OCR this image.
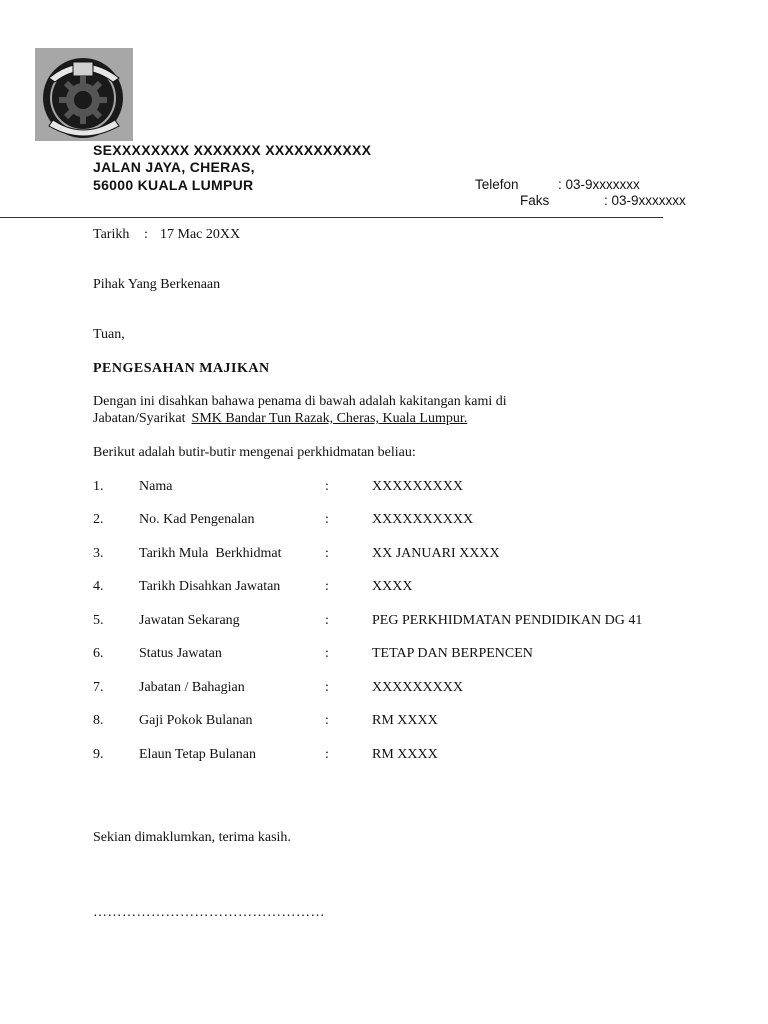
SEXXXXXXXX XXXXXXX XXXXXXXXXXX
JALAN JAYA, CHERAS,
56000 KUALA LUMPUR	Telefon	: 03-9xxxxxxx
Faks	: 03-9xxxxxxx
Tarikh : 17 Mac 20XX
Pihak Yang Berkenaan
Tuan,
PENGESAHAN MAJIKAN
Dengan ini disahkan bahawa penama di bawah adalah kakitangan kami di
Jabatan/Syarikat SMK Bandar Tun Razak, Cheras, Kuala Lumpur.
Berikut adalah butir-butir mengenai perkhidmatan beliau:
1.	Nama	:	XXXXXXXXX
2.	No. Kad Pengenalan	:	XXXXXXXXXX
3.	Tarikh Mula  Berkhidmat	:	XX JANUARI XXXX
4.	Tarikh Disahkan Jawatan	:	XXXX
5.	Jawatan Sekarang	:	PEG PERKHIDMATAN PENDIDIKAN DG 41
6.	Status Jawatan	:	TETAP DAN BERPENCEN
7.	Jabatan / Bahagian	:	XXXXXXXXX
8.	Gaji Pokok Bulanan	:	RM XXXX
9.	Elaun Tetap Bulanan	:	RM XXXX
Sekian dimaklumkan, terima kasih.
…………………………………………
